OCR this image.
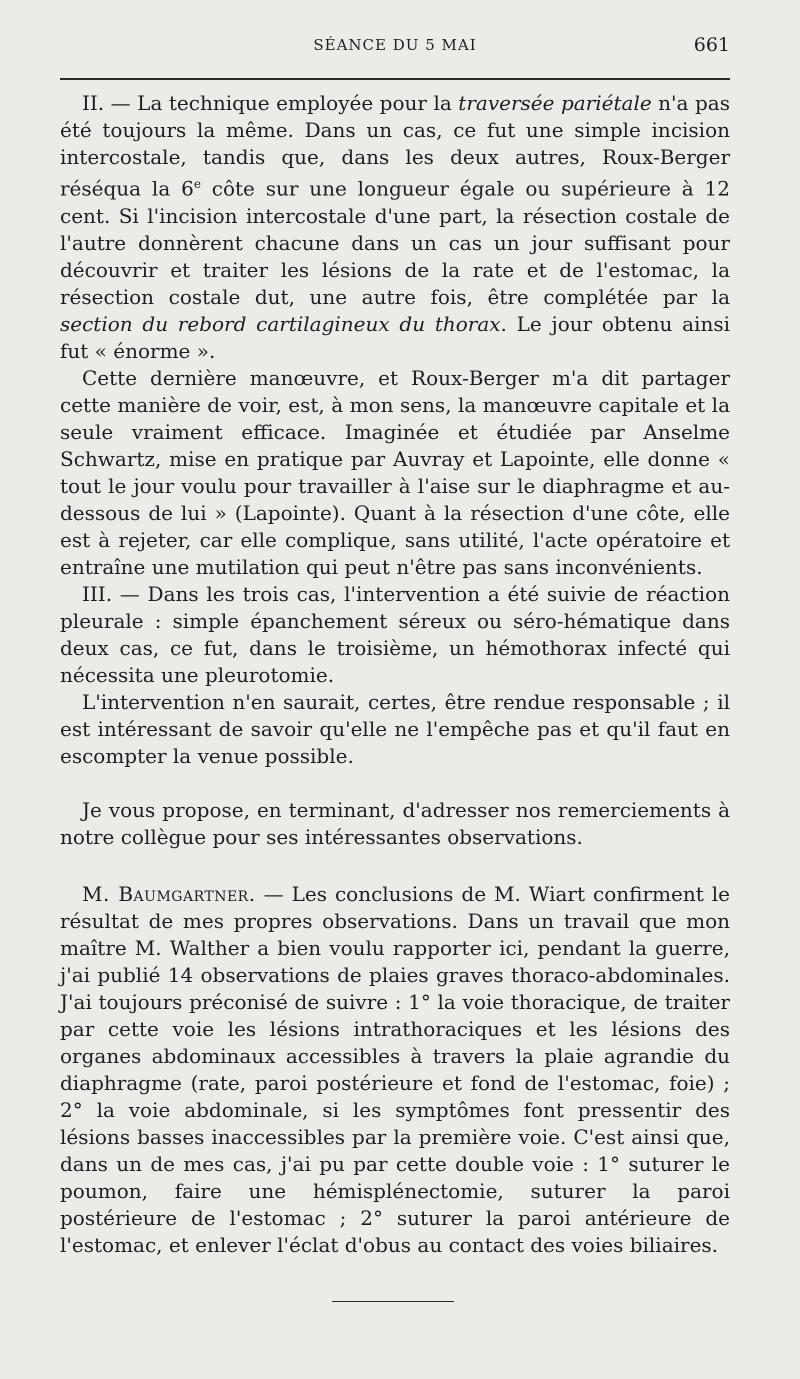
SÉANCE DU 5 MAI	661

II. — La technique employée pour la traversée pariétale n'a pas été toujours la même. Dans un cas, ce fut une simple incision intercostale, tandis que, dans les deux autres, Roux-Berger réséqua la 6e côte sur une longueur égale ou supérieure à 12 cent. Si l'incision intercostale d'une part, la résection costale de l'autre donnèrent chacune dans un cas un jour suffisant pour découvrir et traiter les lésions de la rate et de l'estomac, la résection costale dut, une autre fois, être complétée par la section du rebord cartilagineux du thorax. Le jour obtenu ainsi fut « énorme ».

Cette dernière manœuvre, et Roux-Berger m'a dit partager cette manière de voir, est, à mon sens, la manœuvre capitale et la seule vraiment efficace. Imaginée et étudiée par Anselme Schwartz, mise en pratique par Auvray et Lapointe, elle donne « tout le jour voulu pour travailler à l'aise sur le diaphragme et au-dessous de lui » (Lapointe). Quant à la résection d'une côte, elle est à rejeter, car elle complique, sans utilité, l'acte opératoire et entraîne une mutilation qui peut n'être pas sans inconvénients.

III. — Dans les trois cas, l'intervention a été suivie de réaction pleurale : simple épanchement séreux ou séro-hématique dans deux cas, ce fut, dans le troisième, un hémothorax infecté qui nécessita une pleurotomie.

L'intervention n'en saurait, certes, être rendue responsable ; il est intéressant de savoir qu'elle ne l'empêche pas et qu'il faut en escompter la venue possible.

Je vous propose, en terminant, d'adresser nos remerciements à notre collègue pour ses intéressantes observations.

M. Baumgartner. — Les conclusions de M. Wiart confirment le résultat de mes propres observations. Dans un travail que mon maître M. Walther a bien voulu rapporter ici, pendant la guerre, j'ai publié 14 observations de plaies graves thoraco-abdominales. J'ai toujours préconisé de suivre : 1° la voie thoracique, de traiter par cette voie les lésions intrathoraciques et les lésions des organes abdominaux accessibles à travers la plaie agrandie du diaphragme (rate, paroi postérieure et fond de l'estomac, foie) ; 2° la voie abdominale, si les symptômes font pressentir des lésions basses inaccessibles par la première voie. C'est ainsi que, dans un de mes cas, j'ai pu par cette double voie : 1° suturer le poumon, faire une hémisplénectomie, suturer la paroi postérieure de l'estomac ; 2° suturer la paroi antérieure de l'estomac, et enlever l'éclat d'obus au contact des voies biliaires.
